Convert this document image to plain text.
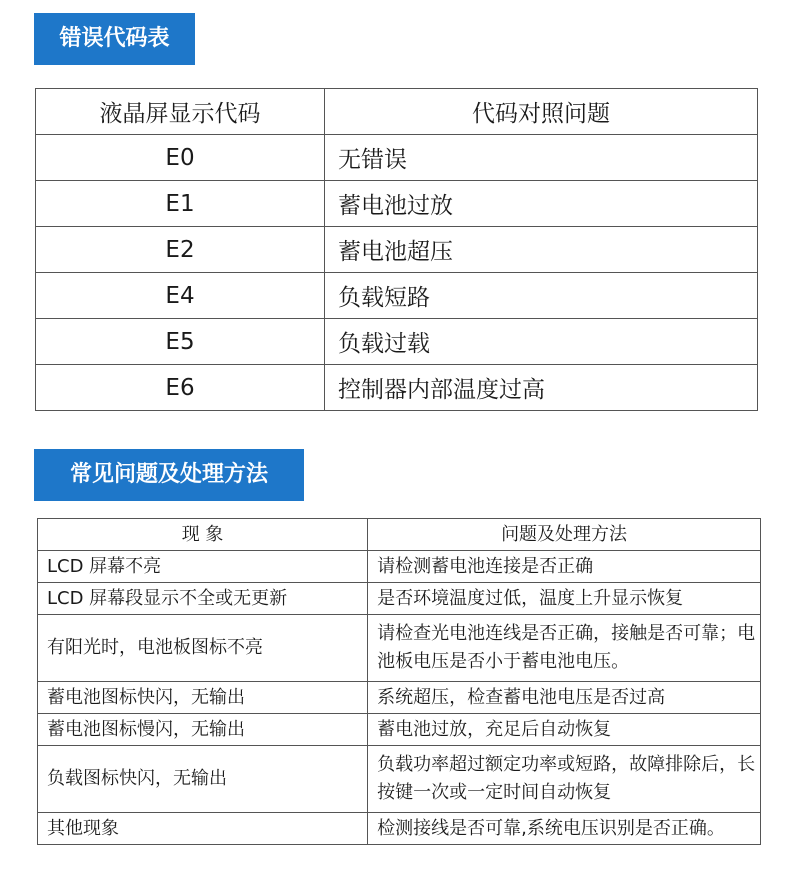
错误代码表
液晶屏显示代码	代码对照问题
E0	无错误
E1	蓄电池过放
E2	蓄电池超压
E4	负载短路
E5	负载过载
E6	控制器内部温度过高
常见问题及处理方法
现 象	问题及处理方法
LCD 屏幕不亮	请检测蓄电池连接是否正确
LCD 屏幕段显示不全或无更新	是否环境温度过低，温度上升显示恢复
有阳光时，电池板图标不亮	请检查光电池连线是否正确，接触是否可靠；电池板电压是否小于蓄电池电压。
蓄电池图标快闪，无输出	系统超压，检查蓄电池电压是否过高
蓄电池图标慢闪，无输出	蓄电池过放，充足后自动恢复
负载图标快闪，无输出	负载功率超过额定功率或短路，故障排除后，长按键一次或一定时间自动恢复
其他现象	检测接线是否可靠,系统电压识别是否正确。
